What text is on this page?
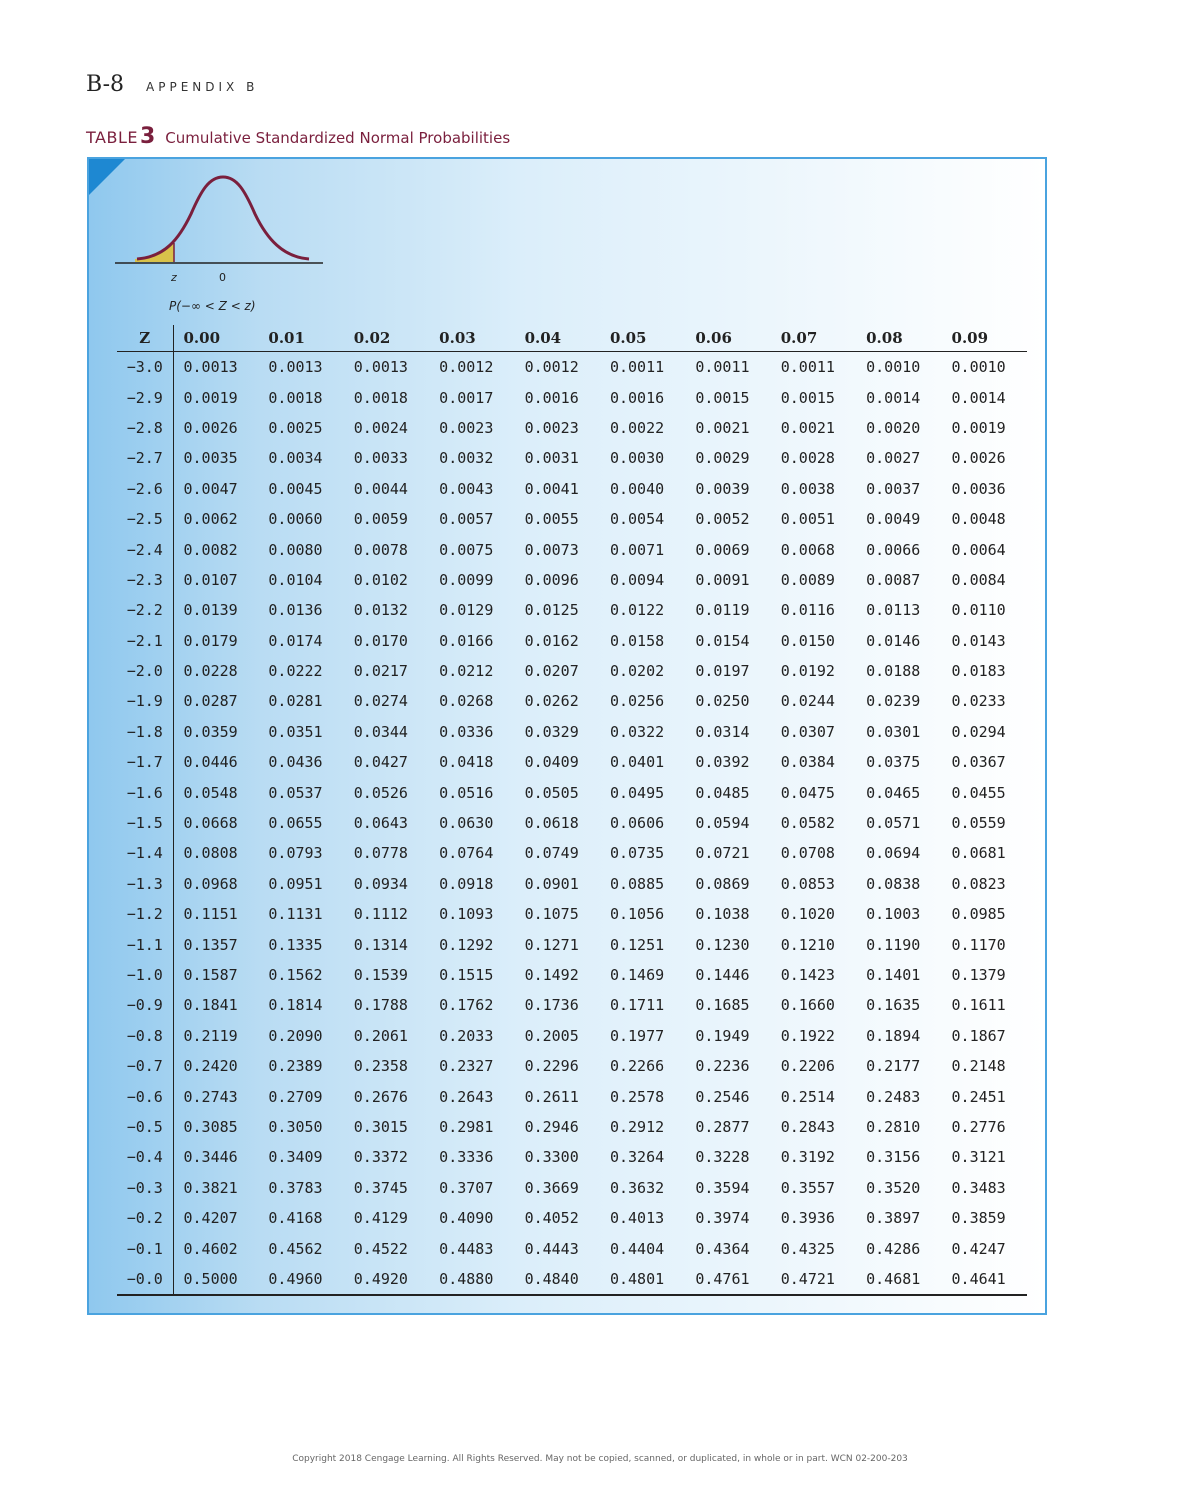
B-8 APPENDIX B
TABLE 3 Cumulative Standardized Normal Probabilities
z	0
P(−∞ < Z < z)
Z	0.00	0.01	0.02	0.03	0.04	0.05	0.06	0.07	0.08	0.09
−3.0	0.0013	0.0013	0.0013	0.0012	0.0012	0.0011	0.0011	0.0011	0.0010	0.0010
−2.9	0.0019	0.0018	0.0018	0.0017	0.0016	0.0016	0.0015	0.0015	0.0014	0.0014
−2.8	0.0026	0.0025	0.0024	0.0023	0.0023	0.0022	0.0021	0.0021	0.0020	0.0019
−2.7	0.0035	0.0034	0.0033	0.0032	0.0031	0.0030	0.0029	0.0028	0.0027	0.0026
−2.6	0.0047	0.0045	0.0044	0.0043	0.0041	0.0040	0.0039	0.0038	0.0037	0.0036
−2.5	0.0062	0.0060	0.0059	0.0057	0.0055	0.0054	0.0052	0.0051	0.0049	0.0048
−2.4	0.0082	0.0080	0.0078	0.0075	0.0073	0.0071	0.0069	0.0068	0.0066	0.0064
−2.3	0.0107	0.0104	0.0102	0.0099	0.0096	0.0094	0.0091	0.0089	0.0087	0.0084
−2.2	0.0139	0.0136	0.0132	0.0129	0.0125	0.0122	0.0119	0.0116	0.0113	0.0110
−2.1	0.0179	0.0174	0.0170	0.0166	0.0162	0.0158	0.0154	0.0150	0.0146	0.0143
−2.0	0.0228	0.0222	0.0217	0.0212	0.0207	0.0202	0.0197	0.0192	0.0188	0.0183
−1.9	0.0287	0.0281	0.0274	0.0268	0.0262	0.0256	0.0250	0.0244	0.0239	0.0233
−1.8	0.0359	0.0351	0.0344	0.0336	0.0329	0.0322	0.0314	0.0307	0.0301	0.0294
−1.7	0.0446	0.0436	0.0427	0.0418	0.0409	0.0401	0.0392	0.0384	0.0375	0.0367
−1.6	0.0548	0.0537	0.0526	0.0516	0.0505	0.0495	0.0485	0.0475	0.0465	0.0455
−1.5	0.0668	0.0655	0.0643	0.0630	0.0618	0.0606	0.0594	0.0582	0.0571	0.0559
−1.4	0.0808	0.0793	0.0778	0.0764	0.0749	0.0735	0.0721	0.0708	0.0694	0.0681
−1.3	0.0968	0.0951	0.0934	0.0918	0.0901	0.0885	0.0869	0.0853	0.0838	0.0823
−1.2	0.1151	0.1131	0.1112	0.1093	0.1075	0.1056	0.1038	0.1020	0.1003	0.0985
−1.1	0.1357	0.1335	0.1314	0.1292	0.1271	0.1251	0.1230	0.1210	0.1190	0.1170
−1.0	0.1587	0.1562	0.1539	0.1515	0.1492	0.1469	0.1446	0.1423	0.1401	0.1379
−0.9	0.1841	0.1814	0.1788	0.1762	0.1736	0.1711	0.1685	0.1660	0.1635	0.1611
−0.8	0.2119	0.2090	0.2061	0.2033	0.2005	0.1977	0.1949	0.1922	0.1894	0.1867
−0.7	0.2420	0.2389	0.2358	0.2327	0.2296	0.2266	0.2236	0.2206	0.2177	0.2148
−0.6	0.2743	0.2709	0.2676	0.2643	0.2611	0.2578	0.2546	0.2514	0.2483	0.2451
−0.5	0.3085	0.3050	0.3015	0.2981	0.2946	0.2912	0.2877	0.2843	0.2810	0.2776
−0.4	0.3446	0.3409	0.3372	0.3336	0.3300	0.3264	0.3228	0.3192	0.3156	0.3121
−0.3	0.3821	0.3783	0.3745	0.3707	0.3669	0.3632	0.3594	0.3557	0.3520	0.3483
−0.2	0.4207	0.4168	0.4129	0.4090	0.4052	0.4013	0.3974	0.3936	0.3897	0.3859
−0.1	0.4602	0.4562	0.4522	0.4483	0.4443	0.4404	0.4364	0.4325	0.4286	0.4247
−0.0	0.5000	0.4960	0.4920	0.4880	0.4840	0.4801	0.4761	0.4721	0.4681	0.4641
Copyright 2018 Cengage Learning. All Rights Reserved. May not be copied, scanned, or duplicated, in whole or in part. WCN 02-200-203
